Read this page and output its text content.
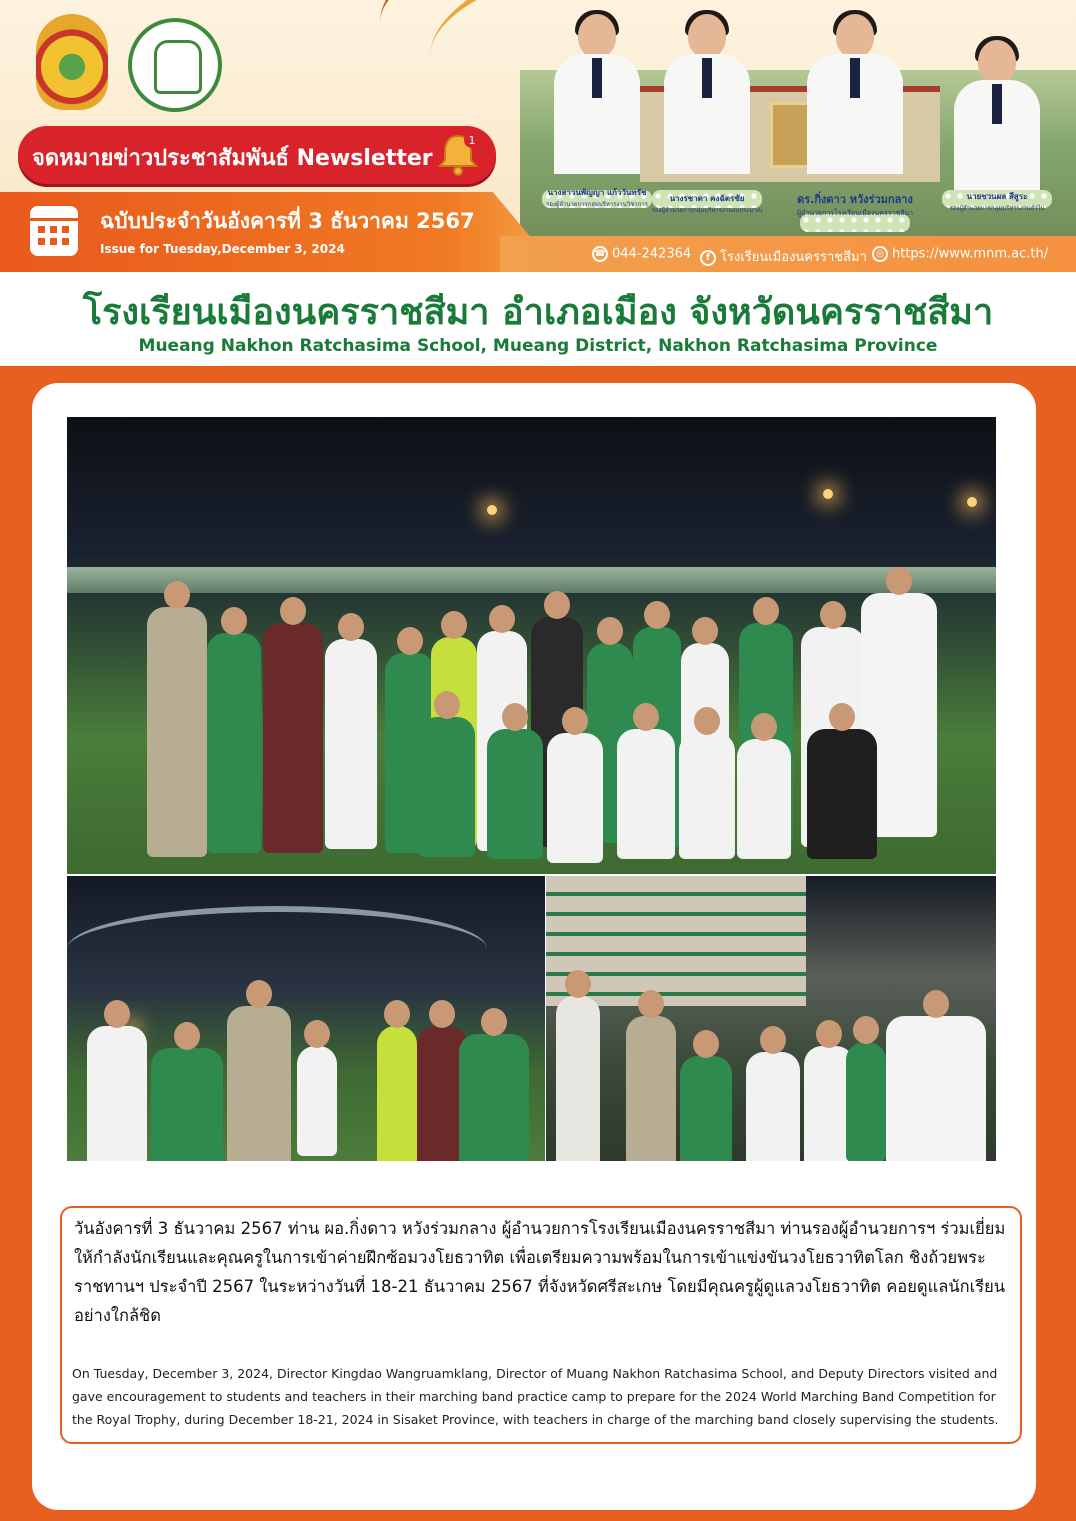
จดหมายข่าวประชาสัมพันธ์ Newsletter
1
นางสาวนพัญญา แก้ววันทรัช
รองผู้อำนวยการกลุ่มบริหารงานวิชาการ
นางรชาดา คงฉัตรชัย
รองผู้อำนวยการกลุ่มบริหารงานงบประมาณ
ดร.กิ่งดาว หวังร่วมกลาง
ผู้อำนวยการโรงเรียนเมืองนครราชสีมา
นายชวนผล สีสูระ
รองผู้อำนวยการกลุ่มบริหารงานทั่วไป
ฉบับประจำวันอังคารที่ 3 ธันวาคม 2567
Issue for Tuesday,December 3, 2024	☎ 044-242364	f โรงเรียนเมืองนครราชสีมา	◎ https://www.mnm.ac.th/
โรงเรียนเมืองนครราชสีมา อำเภอเมือง จังหวัดนครราชสีมา
Mueang Nakhon Ratchasima School, Mueang District, Nakhon Ratchasima Province
วันอังคารที่ 3 ธันวาคม 2567 ท่าน ผอ.กิ่งดาว หวังร่วมกลาง ผู้อำนวยการโรงเรียนเมืองนครราชสีมา ท่านรองผู้อำนวยการฯ ร่วมเยี่ยมให้กำลังนักเรียนและคุณครูในการเข้าค่ายฝึกซ้อมวงโยธวาทิต เพื่อเตรียมความพร้อมในการเข้าแข่งขันวงโยธวาทิตโลก ชิงถ้วยพระราชทานฯ ประจำปี 2567 ในระหว่างวันที่ 18-21 ธันวาคม 2567 ที่จังหวัดศรีสะเกษ โดยมีคุณครูผู้ดูแลวงโยธวาทิต คอยดูแลนักเรียนอย่างใกล้ชิด
On Tuesday, December 3, 2024, Director Kingdao Wangruamklang, Director of Muang Nakhon Ratchasima School, and Deputy Directors visited and gave encouragement to students and teachers in their marching band practice camp to prepare for the 2024 World Marching Band Competition for the Royal Trophy, during December 18-21, 2024 in Sisaket Province, with teachers in charge of the marching band closely supervising the students.
